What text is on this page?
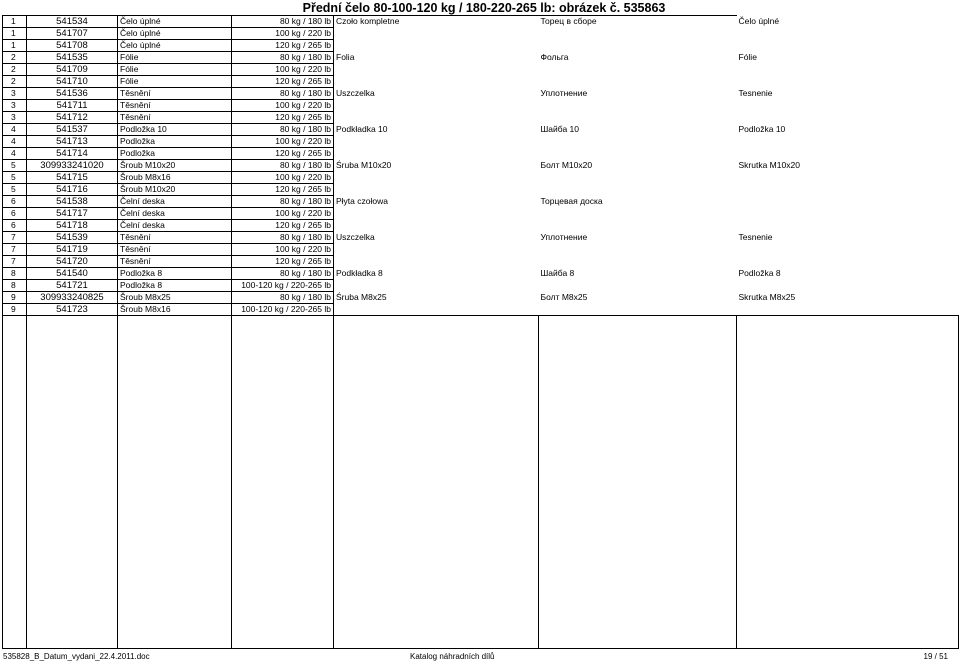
			Přední čelo 80-100-120 kg / 180-220-265 lb: obrázek č. 535863			
1	541534	Čelo úplné	80 kg / 180 lb	Czoło kompletne	Торец в сборе	Čelo úplné
1	541707	Čelo úplné	100 kg / 220 lb			
1	541708	Čelo úplné	120 kg / 265 lb			
2	541535	Fólie	80 kg / 180 lb	Folia	Фольга	Fólie
2	541709	Fólie	100 kg / 220 lb			
2	541710	Fólie	120 kg / 265 lb			
3	541536	Těsnění	80 kg / 180 lb	Uszczelka	Уплотнение	Tesnenie
3	541711	Těsnění	100 kg / 220 lb			
3	541712	Těsnění	120 kg / 265 lb			
4	541537	Podložka 10	80 kg / 180 lb	Podkładka 10	Шайба 10	Podložka 10
4	541713	Podložka	100 kg / 220 lb			
4	541714	Podložka	120 kg / 265 lb			
5	309933241020	Šroub M10x20	80 kg / 180 lb	Śruba M10x20	Болт M10x20	Skrutka M10x20
5	541715	Šroub M8x16	100 kg / 220 lb			
5	541716	Šroub M10x20	120 kg / 265 lb			
6	541538	Čelní deska	80 kg / 180 lb	Płyta czołowa	Торцевая доска	
6	541717	Čelní deska	100 kg / 220 lb			
6	541718	Čelní deska	120 kg / 265 lb			
7	541539	Těsnění	80 kg / 180 lb	Uszczelka	Уплотнение	Tesnenie
7	541719	Těsnění	100 kg / 220 lb			
7	541720	Těsnění	120 kg / 265 lb			
8	541540	Podložka 8	80 kg / 180 lb	Podkładka 8	Шайба 8	Podložka 8
8	541721	Podložka 8	100-120 kg / 220-265 lb			
9	309933240825	Šroub M8x25	80 kg / 180 lb	Śruba M8x25	Болт M8x25	Skrutka M8x25
9	541723	Šroub M8x16	100-120 kg / 220-265 lb			

535828_B_Datum_vydani_22.4.2011.doc	Katalog náhradních dílů	19 / 51
